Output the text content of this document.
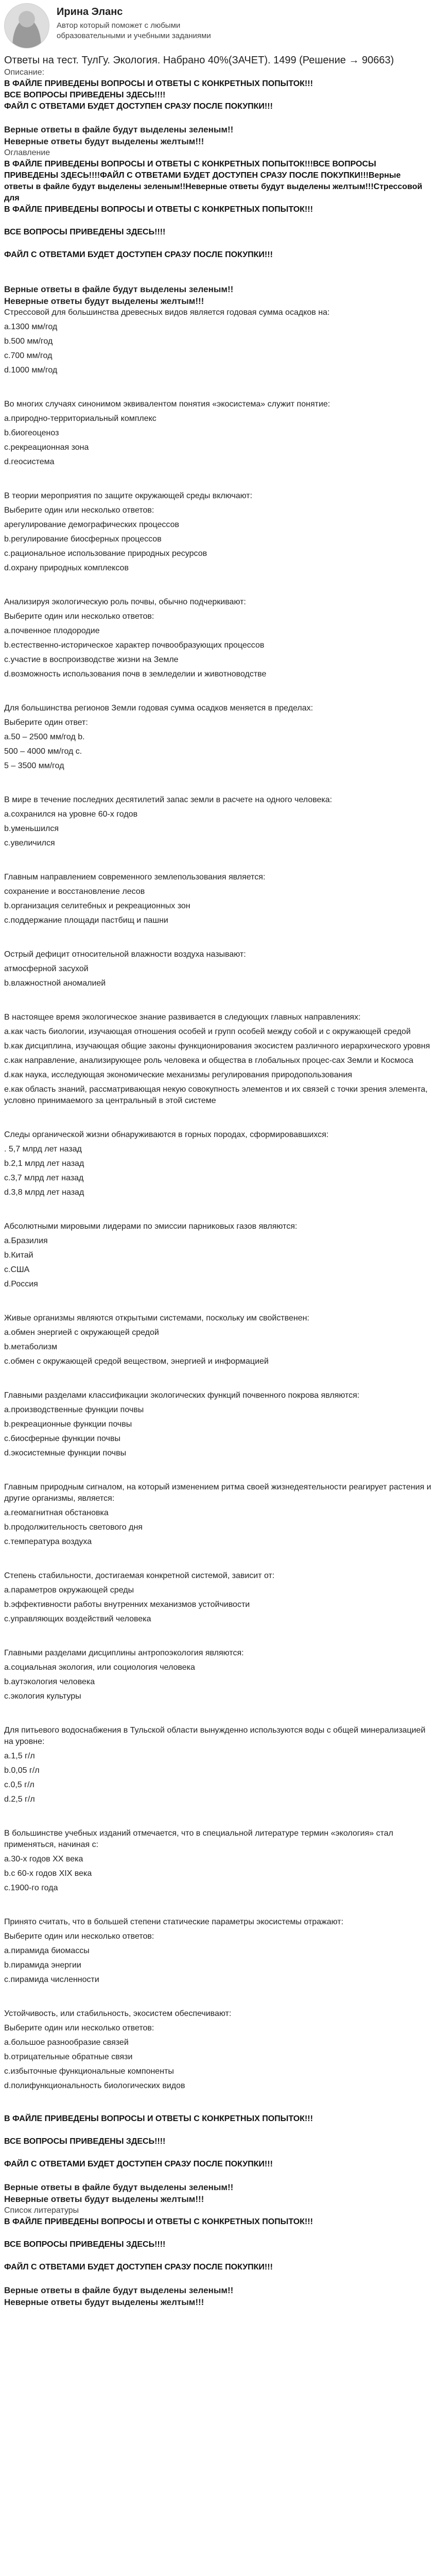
Ирина Эланс
Автор который поможет с любыми образовательными и учебными заданиями
Ответы на тест. ТулГу. Экология. Набрано 40%(ЗАЧЕТ). 1499 (Решение → 90663)
Описание:

В ФАЙЛЕ ПРИВЕДЕНЫ ВОПРОСЫ И ОТВЕТЫ С КОНКРЕТНЫХ ПОПЫТОК!!!

ВСЕ ВОПРОСЫ ПРИВЕДЕНЫ ЗДЕСЬ!!!!

ФАЙЛ С ОТВЕТАМИ БУДЕТ ДОСТУПЕН СРАЗУ ПОСЛЕ ПОКУПКИ!!!

Верные ответы в файле будут выделены зеленым!!
Неверные ответы будут выделены желтым!!!
Оглавление
В ФАЙЛЕ ПРИВЕДЕНЫ ВОПРОСЫ И ОТВЕТЫ С КОНКРЕТНЫХ ПОПЫТОК!!!ВСЕ ВОПРОСЫ ПРИВЕДЕНЫ ЗДЕСЬ!!!!ФАЙЛ С ОТВЕТАМИ БУДЕТ ДОСТУПЕН СРАЗУ ПОСЛЕ ПОКУПКИ!!!Верные ответы в файле будут выделены зеленым!!Неверные ответы будут выделены желтым!!!Стрессовой для

В ФАЙЛЕ ПРИВЕДЕНЫ ВОПРОСЫ И ОТВЕТЫ С КОНКРЕТНЫХ ПОПЫТОК!!!

ВСЕ ВОПРОСЫ ПРИВЕДЕНЫ ЗДЕСЬ!!!!

ФАЙЛ С ОТВЕТАМИ БУДЕТ ДОСТУПЕН СРАЗУ ПОСЛЕ ПОКУПКИ!!!

Верные ответы в файле будут выделены зеленым!!
Неверные ответы будут выделены желтым!!!
Стрессовой для большинства древесных видов является годовая сумма осадков на:
a.1300 мм/год
b.500 мм/год
c.700 мм/год
d.1000 мм/год
Во многих случаях синонимом эквивалентом понятия «экосистема» служит понятие:
a.природно-территориальный комплекс
b.биогеоценоз
c.рекреационная зона
d.геосистема
В теории мероприятия по защите окружающей среды включают:
Выберите один или несколько ответов:
aрегулирование демографических процессов
b.регулирование биосферных процессов
c.рациональное использование природных ресурсов
d.охрану природных комплексов
Анализируя экологическую роль почвы, обычно подчеркивают:
Выберите один или несколько ответов:
a.почвенное плодородие
b.естественно-историческое характер почвообразующих процессов
c.участие в воспроизводстве жизни на Земле
d.возможность использования почв в земледелии и животноводстве
Для большинства регионов Земли годовая сумма осадков меняется в пределах:
Выберите один ответ:
a.50 – 2500 мм/год b.
500 – 4000 мм/год c.
5 – 3500 мм/год
В мире в течение последних десятилетий запас земли в расчете на одного человека:
a.сохранился на уровне 60-х годов
b.уменьшился
c.увеличился
Главным направлением современного землепользования является:
сохранение и восстановление лесов
b.организация селитебных и рекреационных зон
c.поддержание площади пастбищ и пашни
Острый дефицит относительной влажности воздуха называют:
атмосферной засухой
b.влажностной аномалией
В настоящее время экологическое знание развивается в следующих главных направлениях:
a.как часть биологии, изучающая отношения особей и групп особей между собой и с окружающей средой
b.как дисциплина, изучающая общие законы функционирования экосистем различного иерархического уровня
c.как направление, анализирующее роль человека и общества в глобальных процес-сах Земли и Космоса
d.как наука, исследующая экономические механизмы регулирования природопользования
e.как область знаний, рассматривающая некую совокупность элементов и их связей с точки зрения элемента, условно принимаемого за центральный в этой системе
Следы органической жизни обнаруживаются в горных породах, сформировавшихся:
. 5,7 млрд лет назад
b.2,1 млрд лет назад
c.3,7 млрд лет назад
d.3,8 млрд лет назад
Абсолютными мировыми лидерами по эмиссии парниковых газов являются:
a.Бразилия
b.Китай
c.США
d.Россия
Живые организмы являются открытыми системами, поскольку им свойственен:
a.обмен энергией с окружающей средой
b.метаболизм
c.обмен с окружающей средой веществом, энергией и информацией
Главными разделами классификации экологических функций почвенного покрова являются:
a.производственные функции почвы
b.рекреационные функции почвы
c.биосферные функции почвы
d.экосистемные функции почвы
Главным природным сигналом, на который изменением ритма своей жизнедеятельности реагирует растения и другие организмы, является:
a.геомагнитная обстановка
b.продолжительность светового дня
c.температура воздуха
Степень стабильности, достигаемая конкретной системой, зависит от:
a.параметров окружающей среды
b.эффективности работы внутренних механизмов устойчивости
c.управляющих воздействий человека
Главными разделами дисциплины антропоэкология являются:
a.социальная экология, или социология человека
b.аутэкология человека
c.экология культуры
Для питьевого водоснабжения в Тульской области вынужденно используются воды с общей минерализацией на уровне:
a.1,5 г/л
b.0,05 г/л
c.0,5 г/л
d.2,5 г/л
В большинстве учебных изданий отмечается, что в специальной литературе термин «экология» стал применяться, начиная с:
a.30-х годов XX века
b.с 60-х годов XIX века
c.1900-го года
Принято считать, что в большей степени статические параметры экосистемы отражают:
Выберите один или несколько ответов:
a.пирамида биомассы
b.пирамида энергии
c.пирамида численности
Устойчивость, или стабильность, экосистем обеспечивают:
Выберите один или несколько ответов:
a.большое разнообразие связей
b.отрицательные обратные связи
c.избыточные функциональные компоненты
d.полифункциональность биологических видов

В ФАЙЛЕ ПРИВЕДЕНЫ ВОПРОСЫ И ОТВЕТЫ С КОНКРЕТНЫХ ПОПЫТОК!!!

ВСЕ ВОПРОСЫ ПРИВЕДЕНЫ ЗДЕСЬ!!!!

ФАЙЛ С ОТВЕТАМИ БУДЕТ ДОСТУПЕН СРАЗУ ПОСЛЕ ПОКУПКИ!!!

Верные ответы в файле будут выделены зеленым!!
Неверные ответы будут выделены желтым!!!
Список литературы

В ФАЙЛЕ ПРИВЕДЕНЫ ВОПРОСЫ И ОТВЕТЫ С КОНКРЕТНЫХ ПОПЫТОК!!!

ВСЕ ВОПРОСЫ ПРИВЕДЕНЫ ЗДЕСЬ!!!!

ФАЙЛ С ОТВЕТАМИ БУДЕТ ДОСТУПЕН СРАЗУ ПОСЛЕ ПОКУПКИ!!!

Верные ответы в файле будут выделены зеленым!!
Неверные ответы будут выделены желтым!!!
